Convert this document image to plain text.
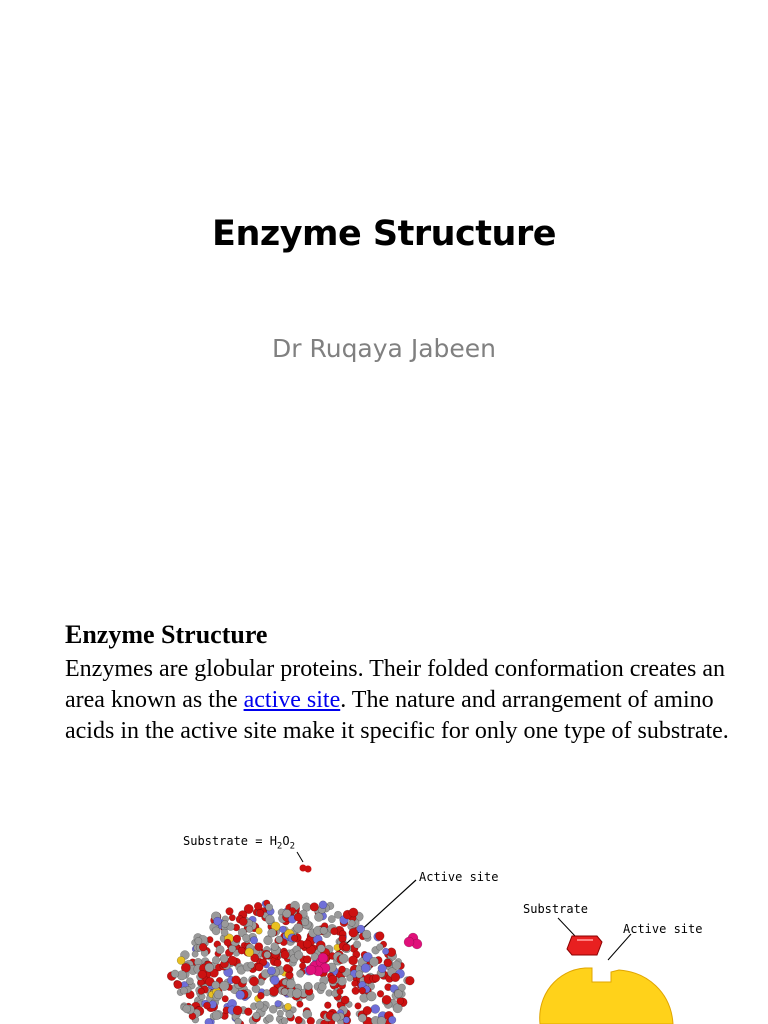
Enzyme Structure
Dr Ruqaya Jabeen
Enzyme Structure
Enzymes are globular proteins. Their folded conformation creates an area known as the active site. The nature and arrangement of amino acids in the active site make it specific for only one type of substrate.
Substrate = $H_2O_2$
Active site
Substrate
Active site
